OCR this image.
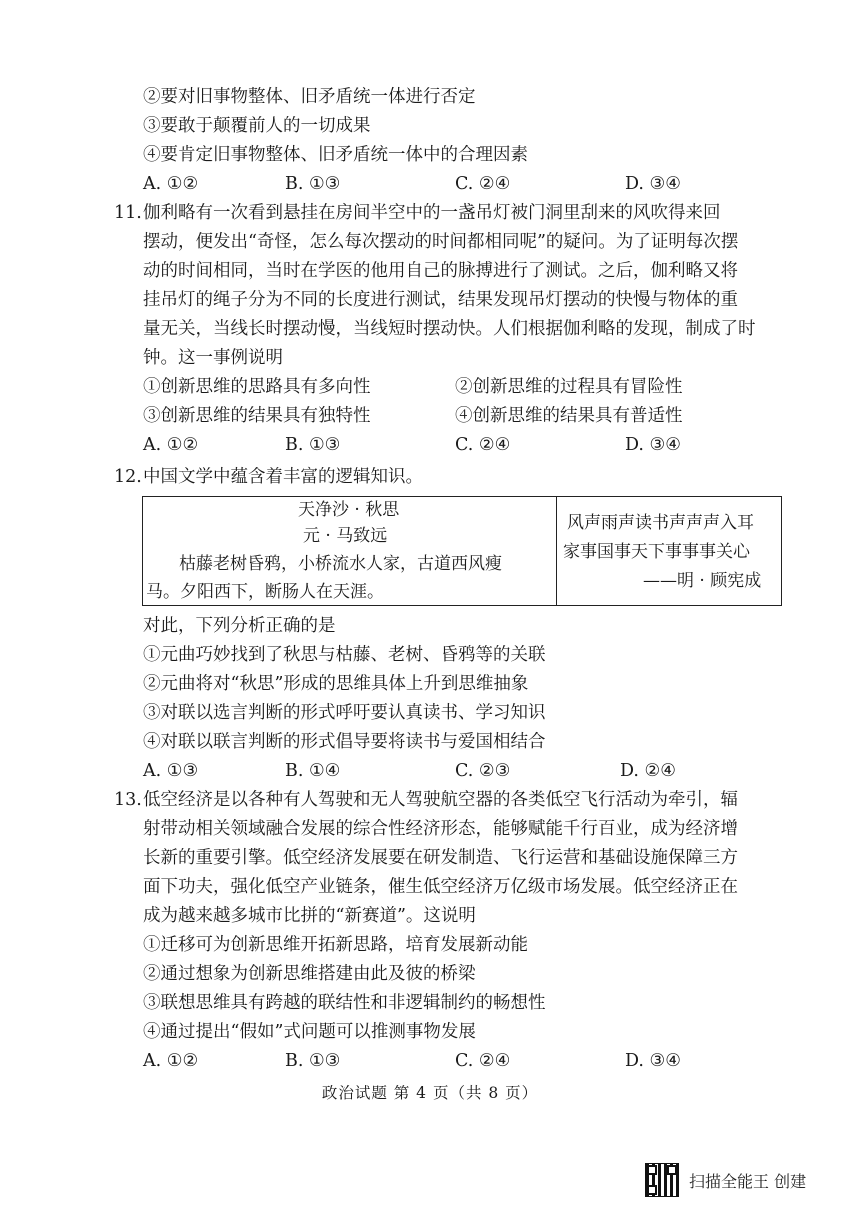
②要对旧事物整体、旧矛盾统一体进行否定
③要敢于颠覆前人的一切成果
④要肯定旧事物整体、旧矛盾统一体中的合理因素
A. ①②	B. ①③	C. ②④	D. ③④
11. 伽利略有一次看到悬挂在房间半空中的一盏吊灯被门洞里刮来的风吹得来回
摆动，便发出“奇怪，怎么每次摆动的时间都相同呢”的疑问。为了证明每次摆
动的时间相同，当时在学医的他用自己的脉搏进行了测试。之后，伽利略又将
挂吊灯的绳子分为不同的长度进行测试，结果发现吊灯摆动的快慢与物体的重
量无关，当线长时摆动慢，当线短时摆动快。人们根据伽利略的发现，制成了时
钟。这一事例说明
①创新思维的思路具有多向性	②创新思维的过程具有冒险性
③创新思维的结果具有独特性	④创新思维的结果具有普适性
A. ①②	B. ①③	C. ②④	D. ③④
12. 中国文学中蕴含着丰富的逻辑知识。
天净沙 · 秋思
元 · 马致远
枯藤老树昏鸦，小桥流水人家，古道西风瘦
马。夕阳西下，断肠人在天涯。
风声雨声读书声声声入耳
家事国事天下事事事关心
——明 · 顾宪成
对此，下列分析正确的是
①元曲巧妙找到了秋思与枯藤、老树、昏鸦等的关联
②元曲将对“秋思”形成的思维具体上升到思维抽象
③对联以选言判断的形式呼吁要认真读书、学习知识
④对联以联言判断的形式倡导要将读书与爱国相结合
A. ①③	B. ①④	C. ②③	D. ②④
13. 低空经济是以各种有人驾驶和无人驾驶航空器的各类低空飞行活动为牵引，辐
射带动相关领域融合发展的综合性经济形态，能够赋能千行百业，成为经济增
长新的重要引擎。低空经济发展要在研发制造、飞行运营和基础设施保障三方
面下功夫，强化低空产业链条，催生低空经济万亿级市场发展。低空经济正在
成为越来越多城市比拼的“新赛道”。这说明
①迁移可为创新思维开拓新思路，培育发展新动能
②通过想象为创新思维搭建由此及彼的桥梁
③联想思维具有跨越的联结性和非逻辑制约的畅想性
④通过提出“假如”式问题可以推测事物发展
A. ①②	B. ①③	C. ②④	D. ③④
政治试题 第 4 页（共 8 页）
扫描全能王 创建
